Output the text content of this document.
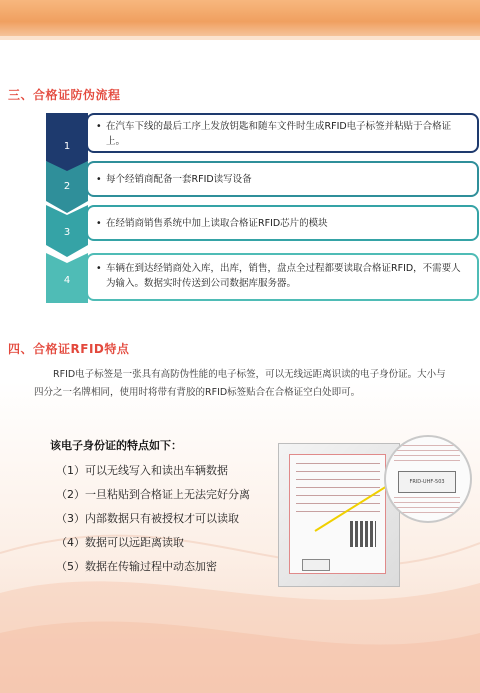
三、合格证防伪流程
1
• 在汽车下线的最后工序上发放钥匙和随车文件时生成RFID电子标签并粘贴于合格证上。
2
• 每个经销商配备一套RFID读写设备
3
• 在经销商销售系统中加上读取合格证RFID芯片的模块
4
• 车辆在到达经销商处入库，出库，销售，盘点全过程都要读取合格证RFID，不需要人为输入。数据实时传送到公司数据库服务器。
四、合格证RFID特点
RFID电子标签是一张具有高防伪性能的电子标签，可以无线远距离识读的电子身份证。大小与四分之一名牌相同，使用时将带有背胶的RFID标签贴合在合格证空白处即可。
该电子身份证的特点如下：
（1）可以无线写入和读出车辆数据
（2）一旦粘贴到合格证上无法完好分离
（3）内部数据只有被授权才可以读取
（4）数据可以远距离读取
（5）数据在传输过程中动态加密
FRID-UHF-503
